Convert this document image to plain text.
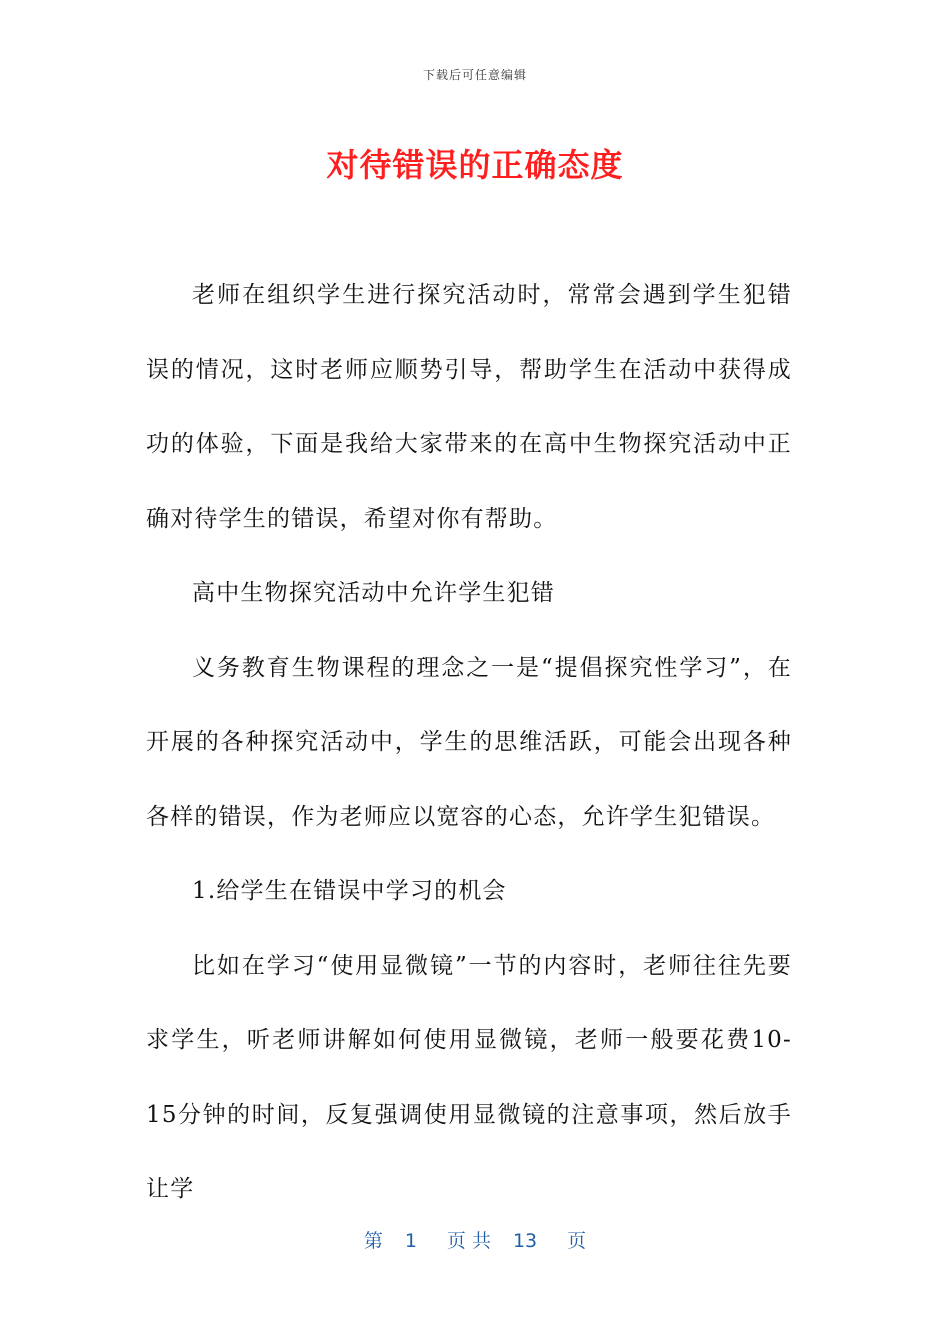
下载后可任意编辑
对待错误的正确态度

老师在组织学生进行探究活动时，常常会遇到学生犯错误的情况，这时老师应顺势引导，帮助学生在活动中获得成功的体验，下面是我给大家带来的在高中生物探究活动中正确对待学生的错误，希望对你有帮助。

高中生物探究活动中允许学生犯错

义务教育生物课程的理念之一是“提倡探究性学习”，在开展的各种探究活动中，学生的思维活跃，可能会出现各种各样的错误，作为老师应以宽容的心态，允许学生犯错误。

1.给学生在错误中学习的机会

比如在学习“使用显微镜”一节的内容时，老师往往先要求学生，听老师讲解如何使用显微镜，老师一般要花费10-15分钟的时间，反复强调使用显微镜的注意事项，然后放手让学

第 1 页 共 13 页
